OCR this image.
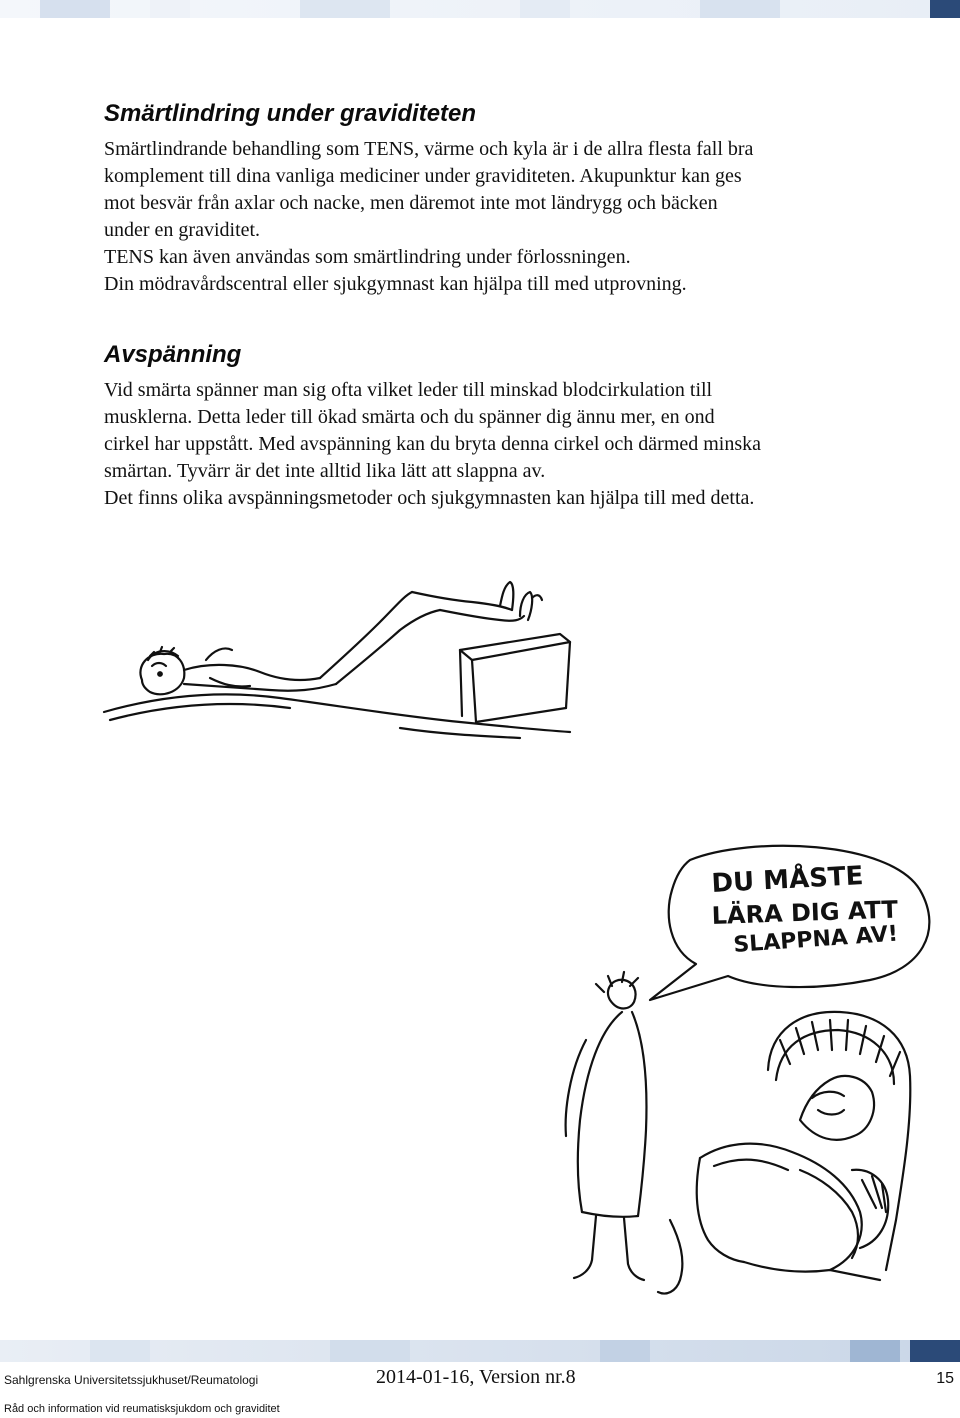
Smärtlindring under graviditeten

Smärtlindrande behandling som TENS, värme och kyla är i de allra flesta fall bra
komplement till dina vanliga mediciner under graviditeten. Akupunktur kan ges
mot besvär från axlar och nacke, men däremot inte mot ländrygg och bäcken
under en graviditet.
TENS kan även användas som smärtlindring under förlossningen.
Din mödravårdscentral eller sjukgymnast kan hjälpa till med utprovning.

Avspänning

Vid smärta spänner man sig ofta vilket leder till minskad blodcirkulation till
musklerna. Detta leder till ökad smärta och du spänner dig ännu mer, en ond
cirkel har uppstått. Med avspänning kan du bryta denna cirkel och därmed minska
smärtan. Tyvärr är det inte alltid lika lätt att slappna av.
Det finns olika avspänningsmetoder och sjukgymnasten kan hjälpa till med detta.

DU MÅSTE
LÄRA DIG ATT
SLAPPNA AV!
Sahlgrenska Universitetssjukhuset/Reumatologi	2014-01-16, Version nr.8	15
Råd och information vid reumatisksjukdom och graviditet
